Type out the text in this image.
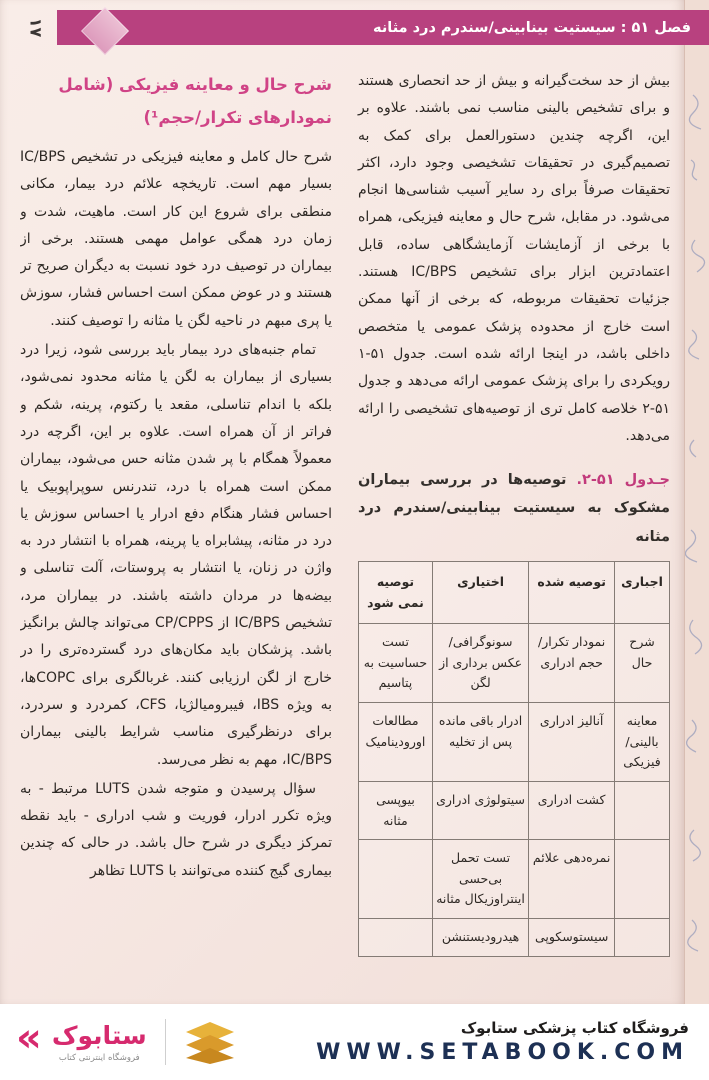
۱۷	فصل ۵۱ : سیستیت بینابینی/سندرم درد مثانه

بیش از حد سخت‌گیرانه و بیش از حد انحصاری هستند و برای تشخیص بالینی مناسب نمی باشند. علاوه بر این، اگرچه چندین دستورالعمل برای کمک به تصمیم‌گیری در تحقیقات تشخیصی وجود دارد، اکثر تحقیقات صرفاً برای رد سایر آسیب شناسی‌ها انجام می‌شود. در مقابل، شرح حال و معاینه فیزیکی، همراه با برخی از آزمایشات آزمایشگاهی ساده، قابل اعتمادترین ابزار برای تشخیص IC/BPS هستند. جزئیات تحقیقات مربوطه، که برخی از آنها ممکن است خارج از محدوده پزشک عمومی یا متخصص داخلی باشد، در اینجا ارائه شده است. جدول ۵۱-۱ رویکردی را برای پزشک عمومی ارائه می‌دهد و جدول ۵۱-۲ خلاصه کامل تری از توصیه‌های تشخیصی را ارائه می‌دهد.

جـدول ۵۱-۲. توصیه‌ها در بررسی بیماران مشکوک به سیستیت بینابینی/سندرم درد مثانه
اجباری	توصیه شده	اختیاری	توصیه نمی شود
شرح حال	نمودار تکرار/حجم ادراری	سونوگرافی/ عکس برداری از لگن	تست حساسیت به پتاسیم
معاینه بالینی/فیزیکی	آنالیز ادراری	ادرار باقی مانده پس از تخلیه	مطالعات اورودینامیک
	کشت ادراری	سیتولوژی ادراری	بیوپسی مثانه
	نمره‌دهی علائم	تست تحمل بی‌حسی اینتراوزیکال مثانه	
	سیستوسکوپی	هیدرودیستنشن	
شرح حال و معاینه فیزیکی (شامل نمودارهای تکرار/حجم¹)

شرح حال کامل و معاینه فیزیکی در تشخیص IC/BPS بسیار مهم است. تاریخچه علائم درد بیمار، مکانی منطقی برای شروع این کار است. ماهیت، شدت و زمان درد همگی عوامل مهمی هستند. برخی از بیماران در توصیف درد خود نسبت به دیگران صریح تر هستند و در عوض ممکن است احساس فشار، سوزش یا پری مبهم در ناحیه لگن یا مثانه را توصیف کنند.

تمام جنبه‌های درد بیمار باید بررسی شود، زیرا درد بسیاری از بیماران به لگن یا مثانه محدود نمی‌شود، بلکه با اندام تناسلی، مقعد یا رکتوم، پرینه، شکم و فراتر از آن همراه است. علاوه بر این، اگرچه درد معمولاً همگام با پر شدن مثانه حس می‌شود، بیماران ممکن است همراه با درد، تندرنس سوپراپوبیک یا احساس فشار هنگام دفع ادرار یا احساس سوزش یا درد در مثانه، پیشابراه یا پرینه، همراه با انتشار درد به واژن در زنان، یا انتشار به پروستات، آلت تناسلی و بیضه‌ها در مردان داشته باشند. در بیماران مرد، تشخیص IC/BPS از CP/CPPS می‌تواند چالش برانگیز باشد. پزشکان باید مکان‌های درد گسترده‌تری را در خارج از لگن ارزیابی کنند. غربالگری برای COPCها، به ویژه IBS، فیبرومیالژیا، CFS، کمردرد و سردرد، برای درنظرگیری مناسب شرایط بالینی بیماران IC/BPS، مهم به نظر می‌رسد.

سؤال پرسیدن و متوجه شدن LUTS مرتبط - به ویژه تکرر ادرار، فوریت و شب ادراری - باید نقطه تمرکز دیگری در شرح حال باشد. در حالی که چندین بیماری گیج کننده می‌توانند با LUTS تظاهر

« ستابوک
فروشگاه اینترنتی کتاب
فروشگاه کتاب پزشکی ستابوک
WWW.SETABOOK.COM
